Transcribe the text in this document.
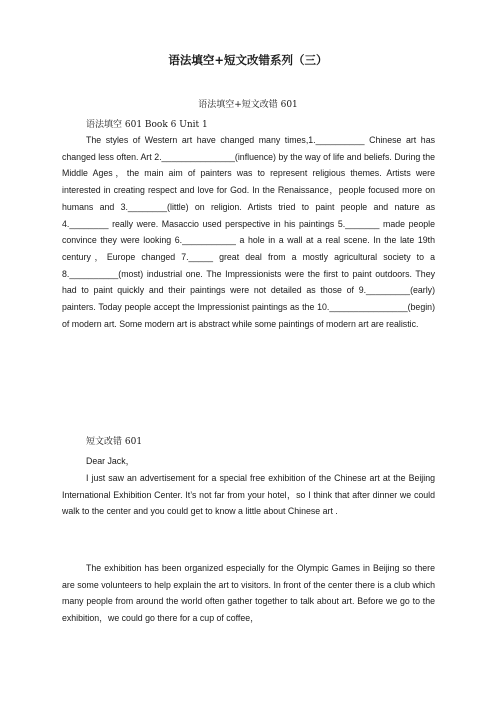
语法填空+短文改错系列（三）
语法填空+短文改错 601
语法填空 601 Book 6 Unit 1

The styles of Western art have changed many times,1.__________ Chinese art has changed less often. Art 2._______________(influence) by the way of life and beliefs. During the Middle Ages，the main aim of painters was to represent religious themes. Artists were interested in creating respect and love for God. In the Renaissance，people focused more on humans and 3.________(little) on religion. Artists tried to paint people and nature as 4.________ really were. Masaccio used perspective in his paintings 5._______ made people convince they were looking 6.___________ a hole in a wall at a real scene. In the late 19th century，Europe changed 7._____ great deal from a mostly agricultural society to a 8.__________(most) industrial one. The Impressionists were the first to paint outdoors. They had to paint quickly and their paintings were not detailed as those of 9._________(early) painters. Today people accept the Impressionist paintings as the 10.________________(begin) of modern art. Some modern art is abstract while some paintings of modern art are realistic.

短文改错 601
Dear Jack，

I just saw an advertisement for a special free exhibition of the Chinese art at the Beijing International Exhibition Center. It’s not far from your hotel，so I think that after dinner we could walk to the center and you could get to know a little about Chinese art .

The exhibition has been organized especially for the Olympic Games in Beijing so there are some volunteers to help explain the art to visitors. In front of the center there is a club which many people from around the world often gather together to talk about art. Before we go to the exhibition，we could go there for a cup of coffee，
